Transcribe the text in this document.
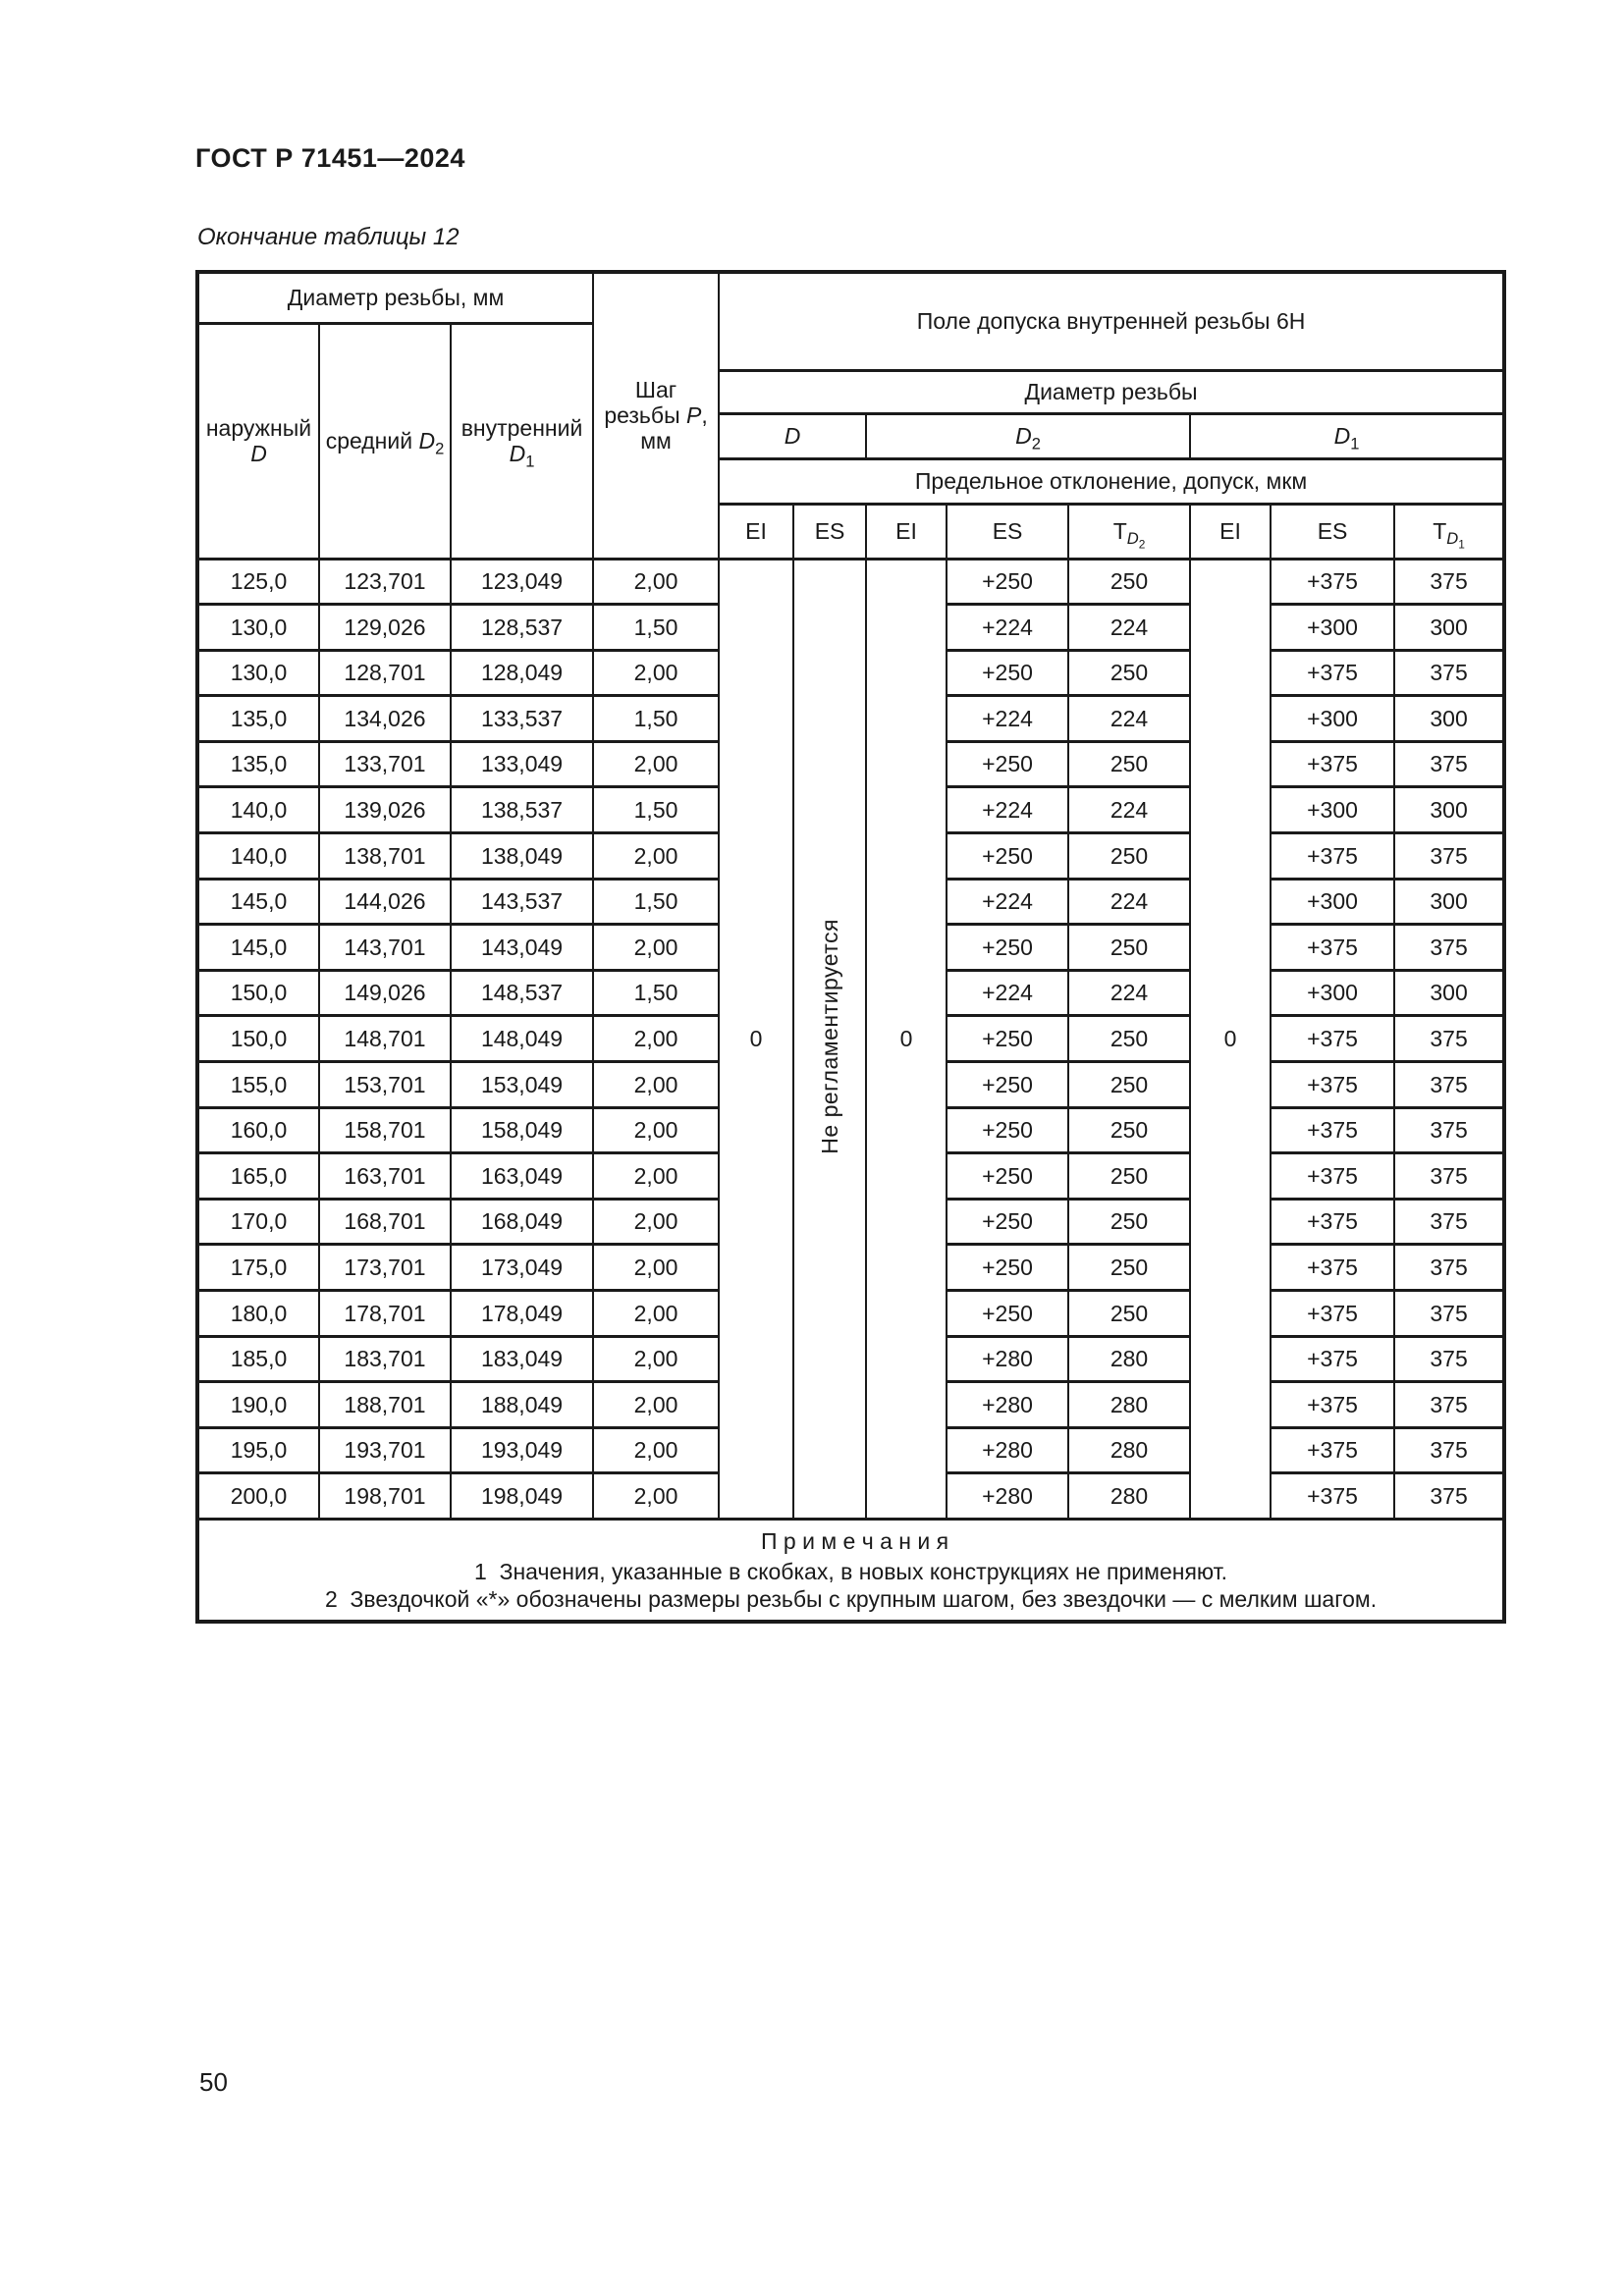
ГОСТ Р 71451—2024
Окончание таблицы 12
Диаметр резьбы, мм			Шаг резьбы P, мм	Поле допуска внутренней резьбы 6Н							
наружный D	средний $D_2$	внутренний $D_1$
				Диаметр резьбы							
				D		$D_2$			$D_1$
				Предельное отклонение, допуск, мкм							
				EI	ES	EI	ES	$T_{D_2}$	EI	ES	$T_{D_1}$
125,0	123,701	123,049	2,00	0	Не регламентируется	0	+250	250	0	+375	375
130,0	129,026	128,537	1,50				+224	224		+300	300
130,0	128,701	128,049	2,00				+250	250		+375	375
135,0	134,026	133,537	1,50				+224	224		+300	300
135,0	133,701	133,049	2,00				+250	250		+375	375
140,0	139,026	138,537	1,50				+224	224		+300	300
140,0	138,701	138,049	2,00				+250	250		+375	375
145,0	144,026	143,537	1,50				+224	224		+300	300
145,0	143,701	143,049	2,00				+250	250		+375	375
150,0	149,026	148,537	1,50				+224	224		+300	300
150,0	148,701	148,049	2,00				+250	250		+375	375
155,0	153,701	153,049	2,00				+250	250		+375	375
160,0	158,701	158,049	2,00				+250	250		+375	375
165,0	163,701	163,049	2,00				+250	250		+375	375
170,0	168,701	168,049	2,00				+250	250		+375	375
175,0	173,701	173,049	2,00				+250	250		+375	375
180,0	178,701	178,049	2,00				+250	250		+375	375
185,0	183,701	183,049	2,00				+280	280		+375	375
190,0	188,701	188,049	2,00				+280	280		+375	375
195,0	193,701	193,049	2,00				+280	280		+375	375
200,0	198,701	198,049	2,00				+280	280		+375	375

П р и м е ч а н и я
1  Значения, указанные в скобках, в новых конструкциях не применяют.
2  Звездочкой «*» обозначены размеры резьбы с крупным шагом, без звездочки — с мелким шагом.											
50
